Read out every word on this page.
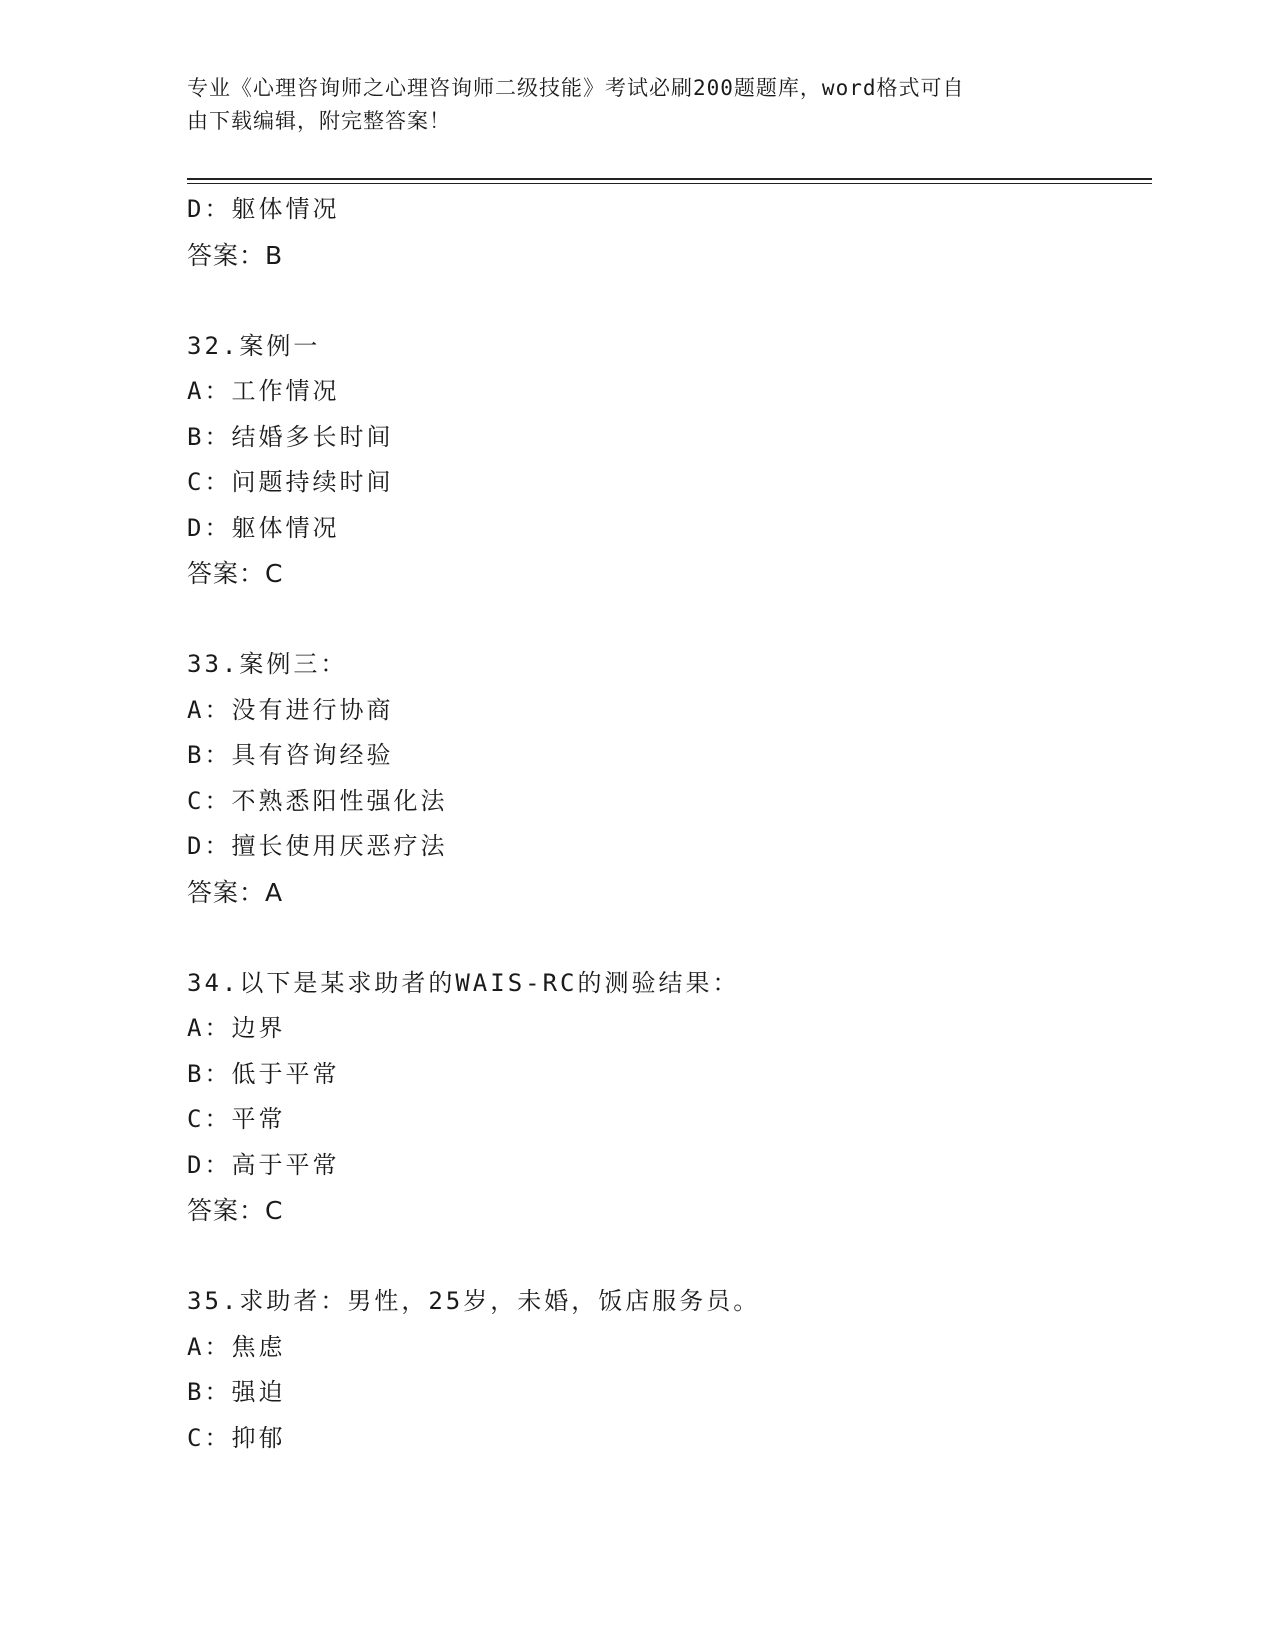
专业《心理咨询师之心理咨询师二级技能》考试必刷200题题库，word格式可自
由下载编辑，附完整答案！
D：躯体情况
答案：B
32.案例一
A：工作情况
B：结婚多长时间
C：问题持续时间
D：躯体情况
答案：C
33.案例三：
A：没有进行协商
B：具有咨询经验
C：不熟悉阳性强化法
D：擅长使用厌恶疗法
答案：A
34.以下是某求助者的WAIS-RC的测验结果：
A：边界
B：低于平常
C：平常
D：高于平常
答案：C
35.求助者：男性，25岁，未婚，饭店服务员。
A：焦虑
B：强迫
C：抑郁
